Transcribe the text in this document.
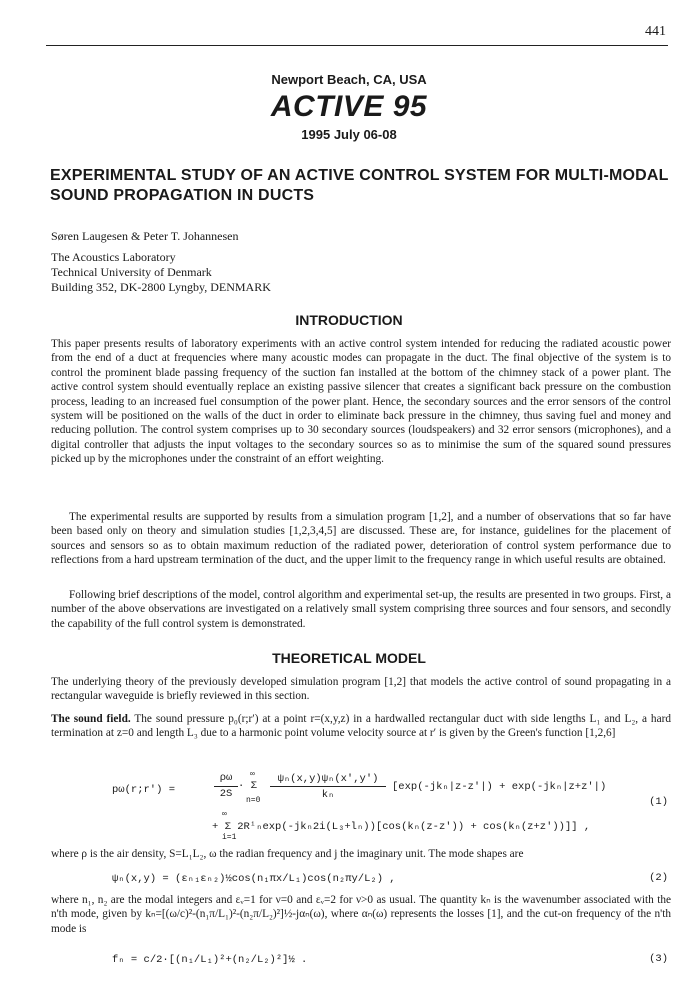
441
Newport Beach, CA, USA
ACTIVE 95
1995 July 06-08
EXPERIMENTAL STUDY OF AN ACTIVE CONTROL SYSTEM FOR MULTI-MODAL SOUND PROPAGATION IN DUCTS
Søren Laugesen & Peter T. Johannesen
The Acoustics Laboratory
Technical University of Denmark
Building 352, DK-2800 Lyngby, DENMARK
INTRODUCTION
This paper presents results of laboratory experiments with an active control system intended for reducing the radiated acoustic power from the end of a duct at frequencies where many acoustic modes can propagate in the duct. The final objective of the system is to control the prominent blade passing frequency of the suction fan installed at the bottom of the chimney stack of a power plant. The active control system should eventually replace an existing passive silencer that creates a significant back pressure on the combustion process, leading to an increased fuel consumption of the power plant. Hence, the secondary sources and the error sensors of the control system will be positioned on the walls of the duct in order to eliminate back pressure in the chimney, thus saving fuel and money and reducing pollution. The control system comprises up to 30 secondary sources (loudspeakers) and 32 error sensors (microphones), and a digital controller that adjusts the input voltages to the secondary sources so as to minimise the sum of the squared sound pressures picked up by the microphones under the constraint of an effort weighting.
The experimental results are supported by results from a simulation program [1,2], and a number of observations that so far have been based only on theory and simulation studies [1,2,3,4,5] are discussed. These are, for instance, guidelines for the placement of sources and sensors so as to obtain maximum reduction of the radiated power, deterioration of control system performance due to reflections from a hard upstream termination of the duct, and the upper limit to the frequency range in which useful results are obtained.
Following brief descriptions of the model, control algorithm and experimental set-up, the results are presented in two groups. First, a number of the above observations are investigated on a relatively small system comprising three sources and four sensors, and secondly the capability of the full control system is demonstrated.
THEORETICAL MODEL
The underlying theory of the previously developed simulation program [1,2] that models the active control of sound propagating in a rectangular waveguide is briefly reviewed in this section.
The sound field. The sound pressure p₀(r;r′) at a point r=(x,y,z) in a hardwalled rectangular duct with side lengths L₁ and L₂, a hard termination at z=0 and length L₃ due to a harmonic point volume velocity source at r′ is given by the Green's function [1,2,6]
pω(r;r′) =
ρω
2S
· Σ
∞
n=0
ψₙ(x,y)ψₙ(x′,y′)
kₙ
[exp(-jkₙ|z-z′|) + exp(-jkₙ|z+z′|)
(1)
∞
+ Σ 2Rⁱₙexp(-jkₙ2i(L₃+lₙ))[cos(kₙ(z-z′)) + cos(kₙ(z+z′))]] ,
i=1
where ρ is the air density, S=L₁L₂, ω the radian frequency and j the imaginary unit. The mode shapes are
ψₙ(x,y) = (εₙ₁εₙ₂)½cos(n₁πx/L₁)cos(n₂πy/L₂) ,	(2)
where n₁, n₂ are the modal integers and εᵥ=1 for ν=0 and εᵥ=2 for ν>0 as usual. The quantity kₙ is the wavenumber associated with the n'th mode, given by kₙ=[(ω/c)²-(n₁π/L₁)²-(n₂π/L₂)²]½-jαₙ(ω), where αₙ(ω) represents the losses [1], and the cut-on frequency of the n'th mode is
fₙ = c/2·[(n₁/L₁)²+(n₂/L₂)²]½ .	(3)
